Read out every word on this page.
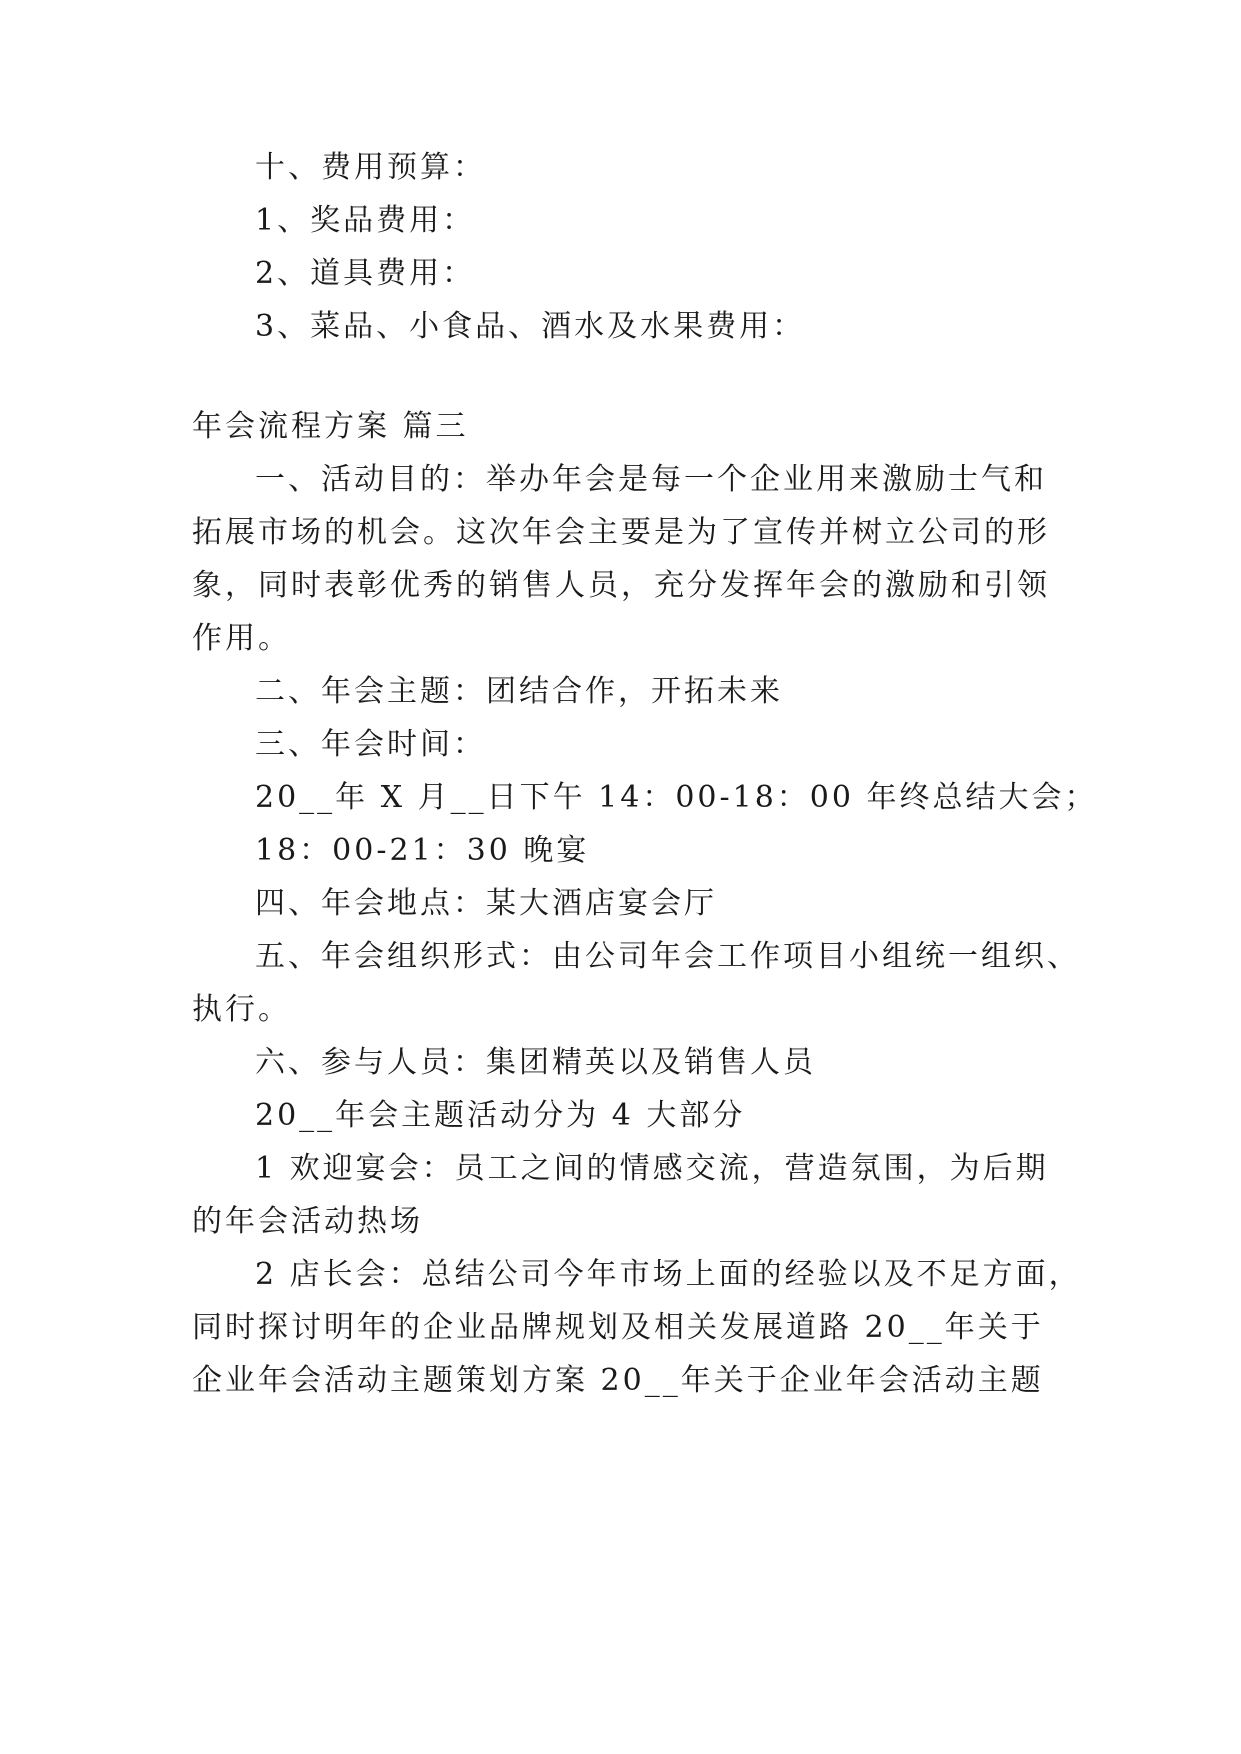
十、费用预算：
1、奖品费用：
2、道具费用：
3、菜品、小食品、酒水及水果费用：
年会流程方案 篇三
一、活动目的：举办年会是每一个企业用来激励士气和
拓展市场的机会。这次年会主要是为了宣传并树立公司的形
象，同时表彰优秀的销售人员，充分发挥年会的激励和引领
作用。
二、年会主题：团结合作，开拓未来
三、年会时间：
20__年 X 月__日下午 14：00-18：00 年终总结大会；
18：00-21：30 晚宴
四、年会地点：某大酒店宴会厅
五、年会组织形式：由公司年会工作项目小组统一组织、
执行。
六、参与人员：集团精英以及销售人员
20__年会主题活动分为 4 大部分
1 欢迎宴会：员工之间的情感交流，营造氛围，为后期
的年会活动热场
2 店长会：总结公司今年市场上面的经验以及不足方面，
同时探讨明年的企业品牌规划及相关发展道路 20__年关于
企业年会活动主题策划方案 20__年关于企业年会活动主题
